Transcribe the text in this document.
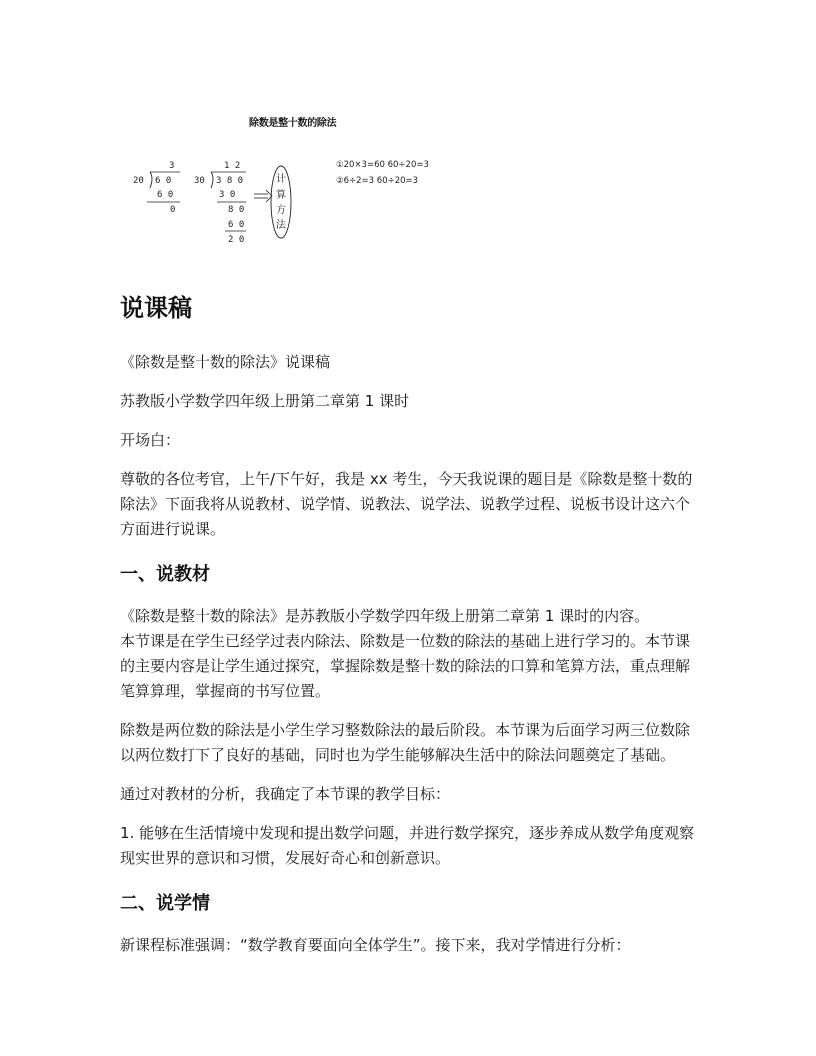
除数是整十数的除法
3
20 6 0
6 0
0
1 2
30 3 8 0
3 0
8 0
6 0
2 0
计
算
方
法
①20×3=60 60÷20=3
②6÷2=3 60÷20=3
说课稿

《除数是整十数的除法》说课稿

苏教版小学数学四年级上册第二章第 1 课时

开场白：

尊敬的各位考官，上午/下午好，我是 xx 考生，今天我说课的题目是《除数是整十数的除法》下面我将从说教材、说学情、说教法、说学法、说教学过程、说板书设计这六个方面进行说课。

一、说教材

《除数是整十数的除法》是苏教版小学数学四年级上册第二章第 1 课时的内容。
本节课是在学生已经学过表内除法、除数是一位数的除法的基础上进行学习的。本节课的主要内容是让学生通过探究，掌握除数是整十数的除法的口算和笔算方法，重点理解笔算算理，掌握商的书写位置。

除数是两位数的除法是小学生学习整数除法的最后阶段。本节课为后面学习两三位数除以两位数打下了良好的基础，同时也为学生能够解决生活中的除法问题奠定了基础。

通过对教材的分析，我确定了本节课的教学目标：

1. 能够在生活情境中发现和提出数学问题，并进行数学探究，逐步养成从数学角度观察现实世界的意识和习惯，发展好奇心和创新意识。

二、说学情

新课程标准强调：“数学教育要面向全体学生”。接下来，我对学情进行分析：
